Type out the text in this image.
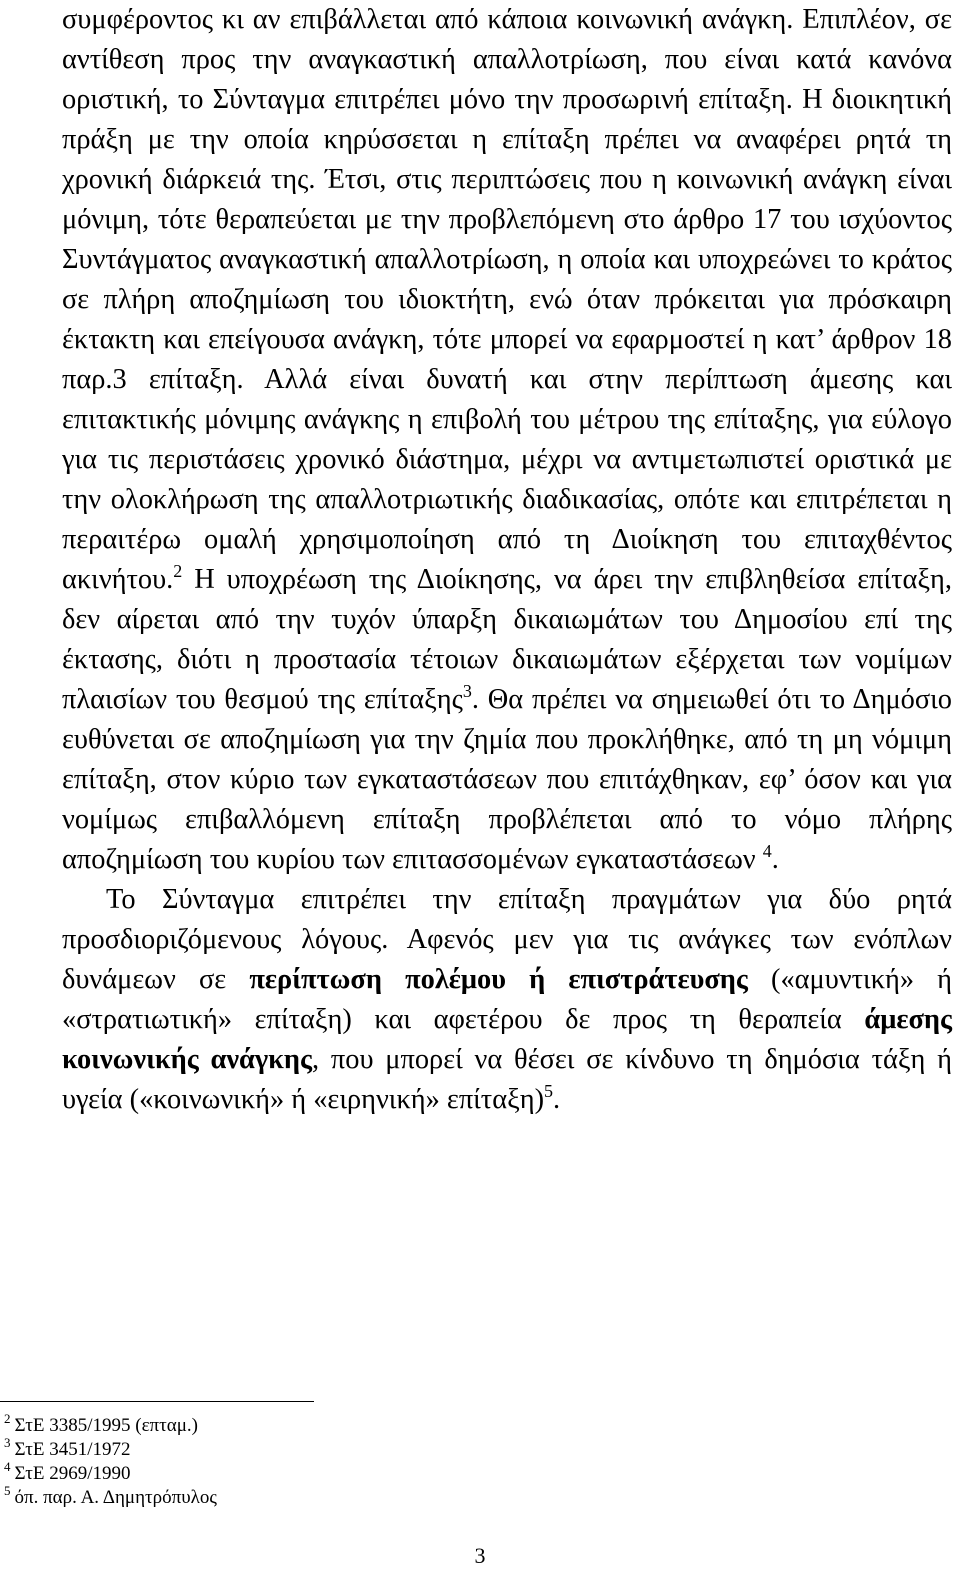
συμφέροντος κι αν επιβάλλεται από κάποια κοινωνική ανάγκη. Επιπλέον, σε αντίθεση προς την αναγκαστική απαλλοτρίωση, που είναι κατά κανόνα οριστική, το Σύνταγμα επιτρέπει μόνο την προσωρινή επίταξη. Η διοικητική πράξη με την οποία κηρύσσεται η επίταξη πρέπει να αναφέρει ρητά τη χρονική διάρκειά της. Έτσι, στις περιπτώσεις που η κοινωνική ανάγκη είναι μόνιμη, τότε θεραπεύεται με την προβλεπόμενη στο άρθρο 17 του ισχύοντος Συντάγματος αναγκαστική απαλλοτρίωση, η οποία και υποχρεώνει το κράτος σε πλήρη αποζημίωση του ιδιοκτήτη, ενώ όταν πρόκειται για πρόσκαιρη έκτακτη και επείγουσα ανάγκη, τότε μπορεί να εφαρμοστεί η κατ’ άρθρον 18 παρ.3 επίταξη. Αλλά είναι δυνατή και στην περίπτωση άμεσης και επιτακτικής μόνιμης ανάγκης η επιβολή του μέτρου της επίταξης, για εύλογο για τις περιστάσεις χρονικό διάστημα, μέχρι να αντιμετωπιστεί οριστικά με την ολοκλήρωση της απαλλοτριωτικής διαδικασίας, οπότε και επιτρέπεται η περαιτέρω ομαλή χρησιμοποίηση από τη Διοίκηση του επιταχθέντος ακινήτου.$^2$ Η υποχρέωση της Διοίκησης, να άρει την επιβληθείσα επίταξη, δεν αίρεται από την τυχόν ύπαρξη δικαιωμάτων του Δημοσίου επί της έκτασης, διότι η προστασία τέτοιων δικαιωμάτων εξέρχεται των νομίμων πλαισίων του θεσμού της επίταξης$^3$. Θα πρέπει να σημειωθεί ότι το Δημόσιο ευθύνεται σε αποζημίωση για την ζημία που προκλήθηκε, από τη μη νόμιμη επίταξη, στον κύριο των εγκαταστάσεων που επιτάχθηκαν, εφ’ όσον και για νομίμως επιβαλλόμενη επίταξη προβλέπεται από το νόμο πλήρης αποζημίωση του κυρίου των επιτασσομένων εγκαταστάσεων $^4$.

Το Σύνταγμα επιτρέπει την επίταξη πραγμάτων για δύο ρητά προσδιοριζόμενους λόγους. Αφενός μεν για τις ανάγκες των ενόπλων δυνάμεων σε περίπτωση πολέμου ή επιστράτευσης («αμυντική» ή «στρατιωτική» επίταξη) και αφετέρου δε προς τη θεραπεία άμεσης κοινωνικής ανάγκης, που μπορεί να θέσει σε κίνδυνο τη δημόσια τάξη ή υγεία («κοινωνική» ή «ειρηνική» επίταξη)$^5$.

$^2$ ΣτΕ 3385/1995 (επταμ.)

$^3$ ΣτΕ 3451/1972

$^4$ ΣτΕ 2969/1990

$^5$ όπ. παρ. Α. Δημητρόπυλος

3
